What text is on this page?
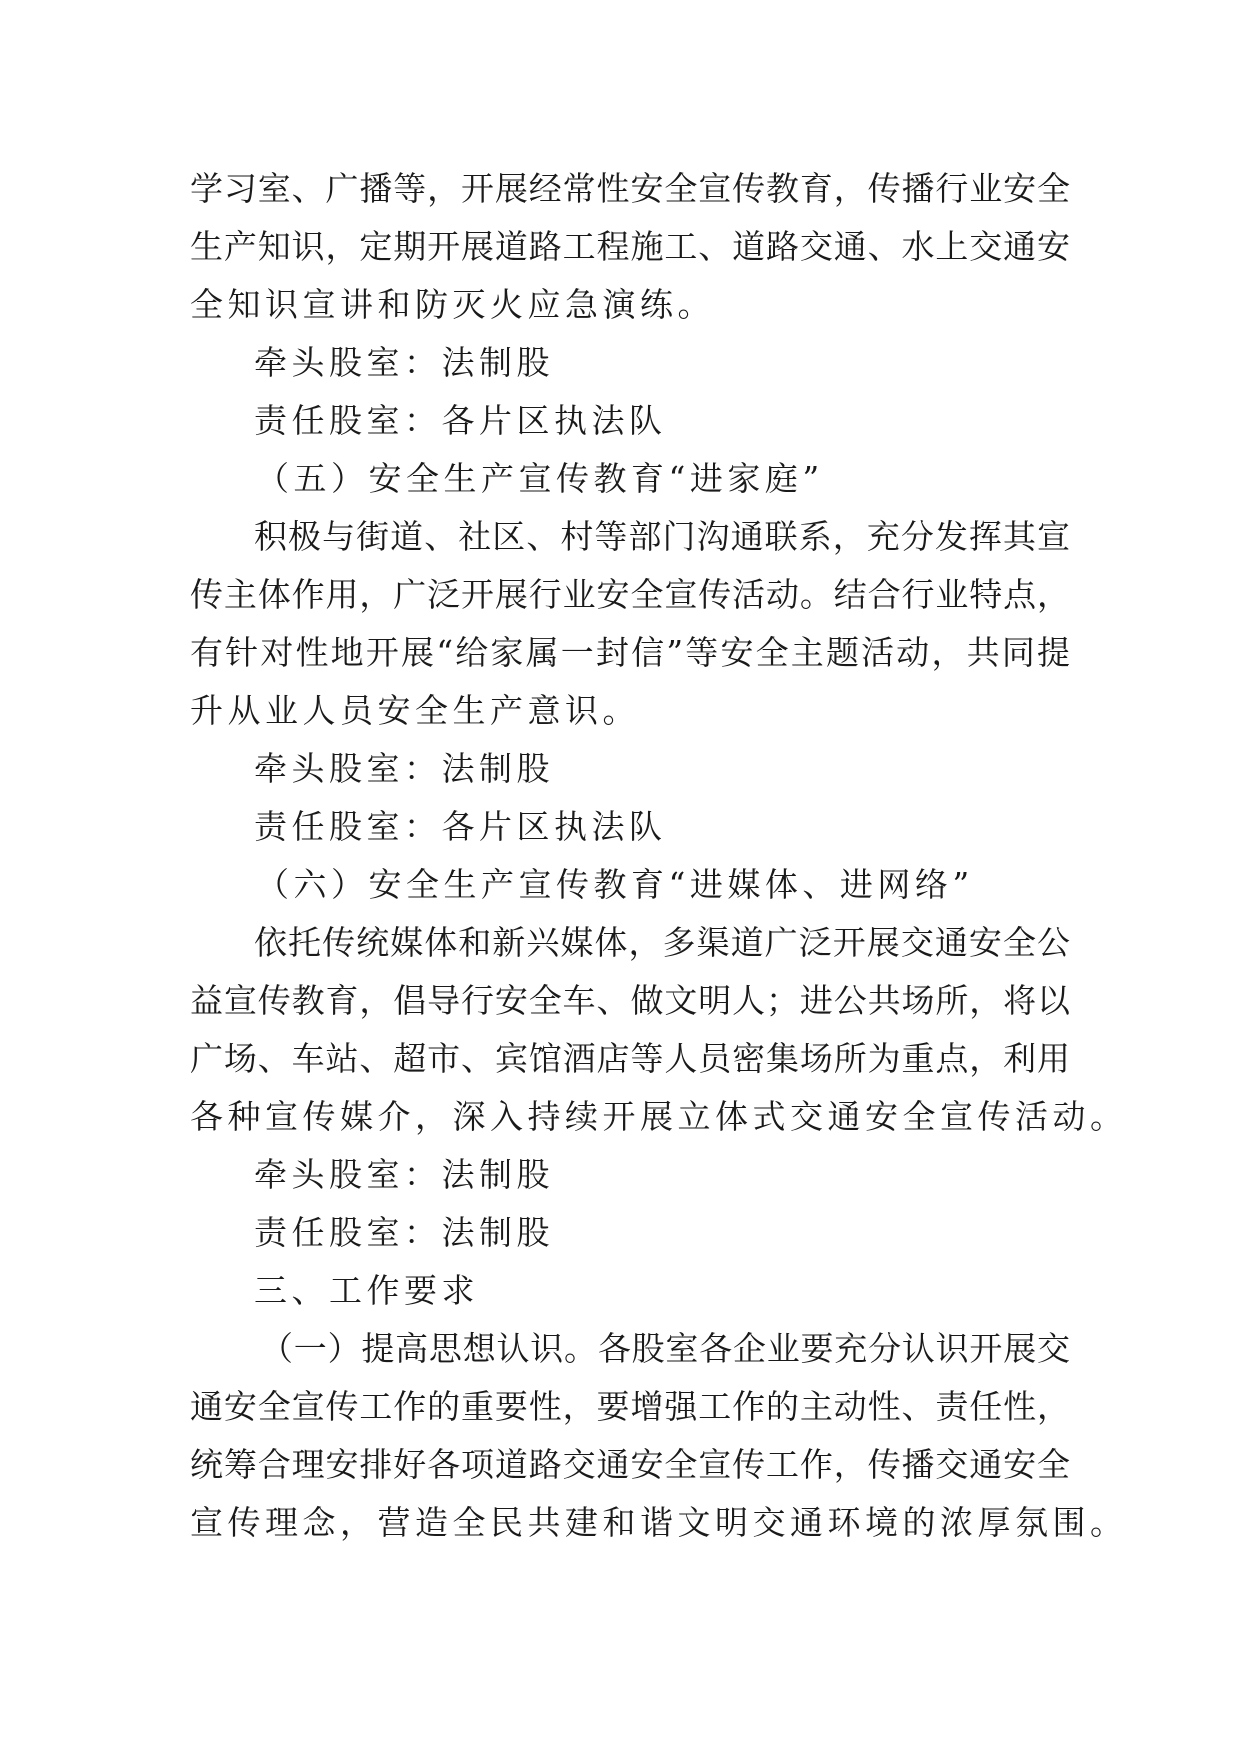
学习室、广播等，开展经常性安全宣传教育，传播行业安全
生产知识，定期开展道路工程施工、道路交通、水上交通安
全知识宣讲和防灭火应急演练。
牵头股室：法制股
责任股室：各片区执法队
（五）安全生产宣传教育“进家庭”
积极与街道、社区、村等部门沟通联系，充分发挥其宣
传主体作用，广泛开展行业安全宣传活动。结合行业特点，
有针对性地开展“给家属一封信”等安全主题活动，共同提
升从业人员安全生产意识。
牵头股室：法制股
责任股室：各片区执法队
（六）安全生产宣传教育“进媒体、进网络”
依托传统媒体和新兴媒体，多渠道广泛开展交通安全公
益宣传教育，倡导行安全车、做文明人；进公共场所，将以
广场、车站、超市、宾馆酒店等人员密集场所为重点，利用
各种宣传媒介，深入持续开展立体式交通安全宣传活动。
牵头股室：法制股
责任股室：法制股
三、工作要求
（一）提高思想认识。各股室各企业要充分认识开展交
通安全宣传工作的重要性，要增强工作的主动性、责任性，
统筹合理安排好各项道路交通安全宣传工作，传播交通安全
宣传理念，营造全民共建和谐文明交通环境的浓厚氛围。
